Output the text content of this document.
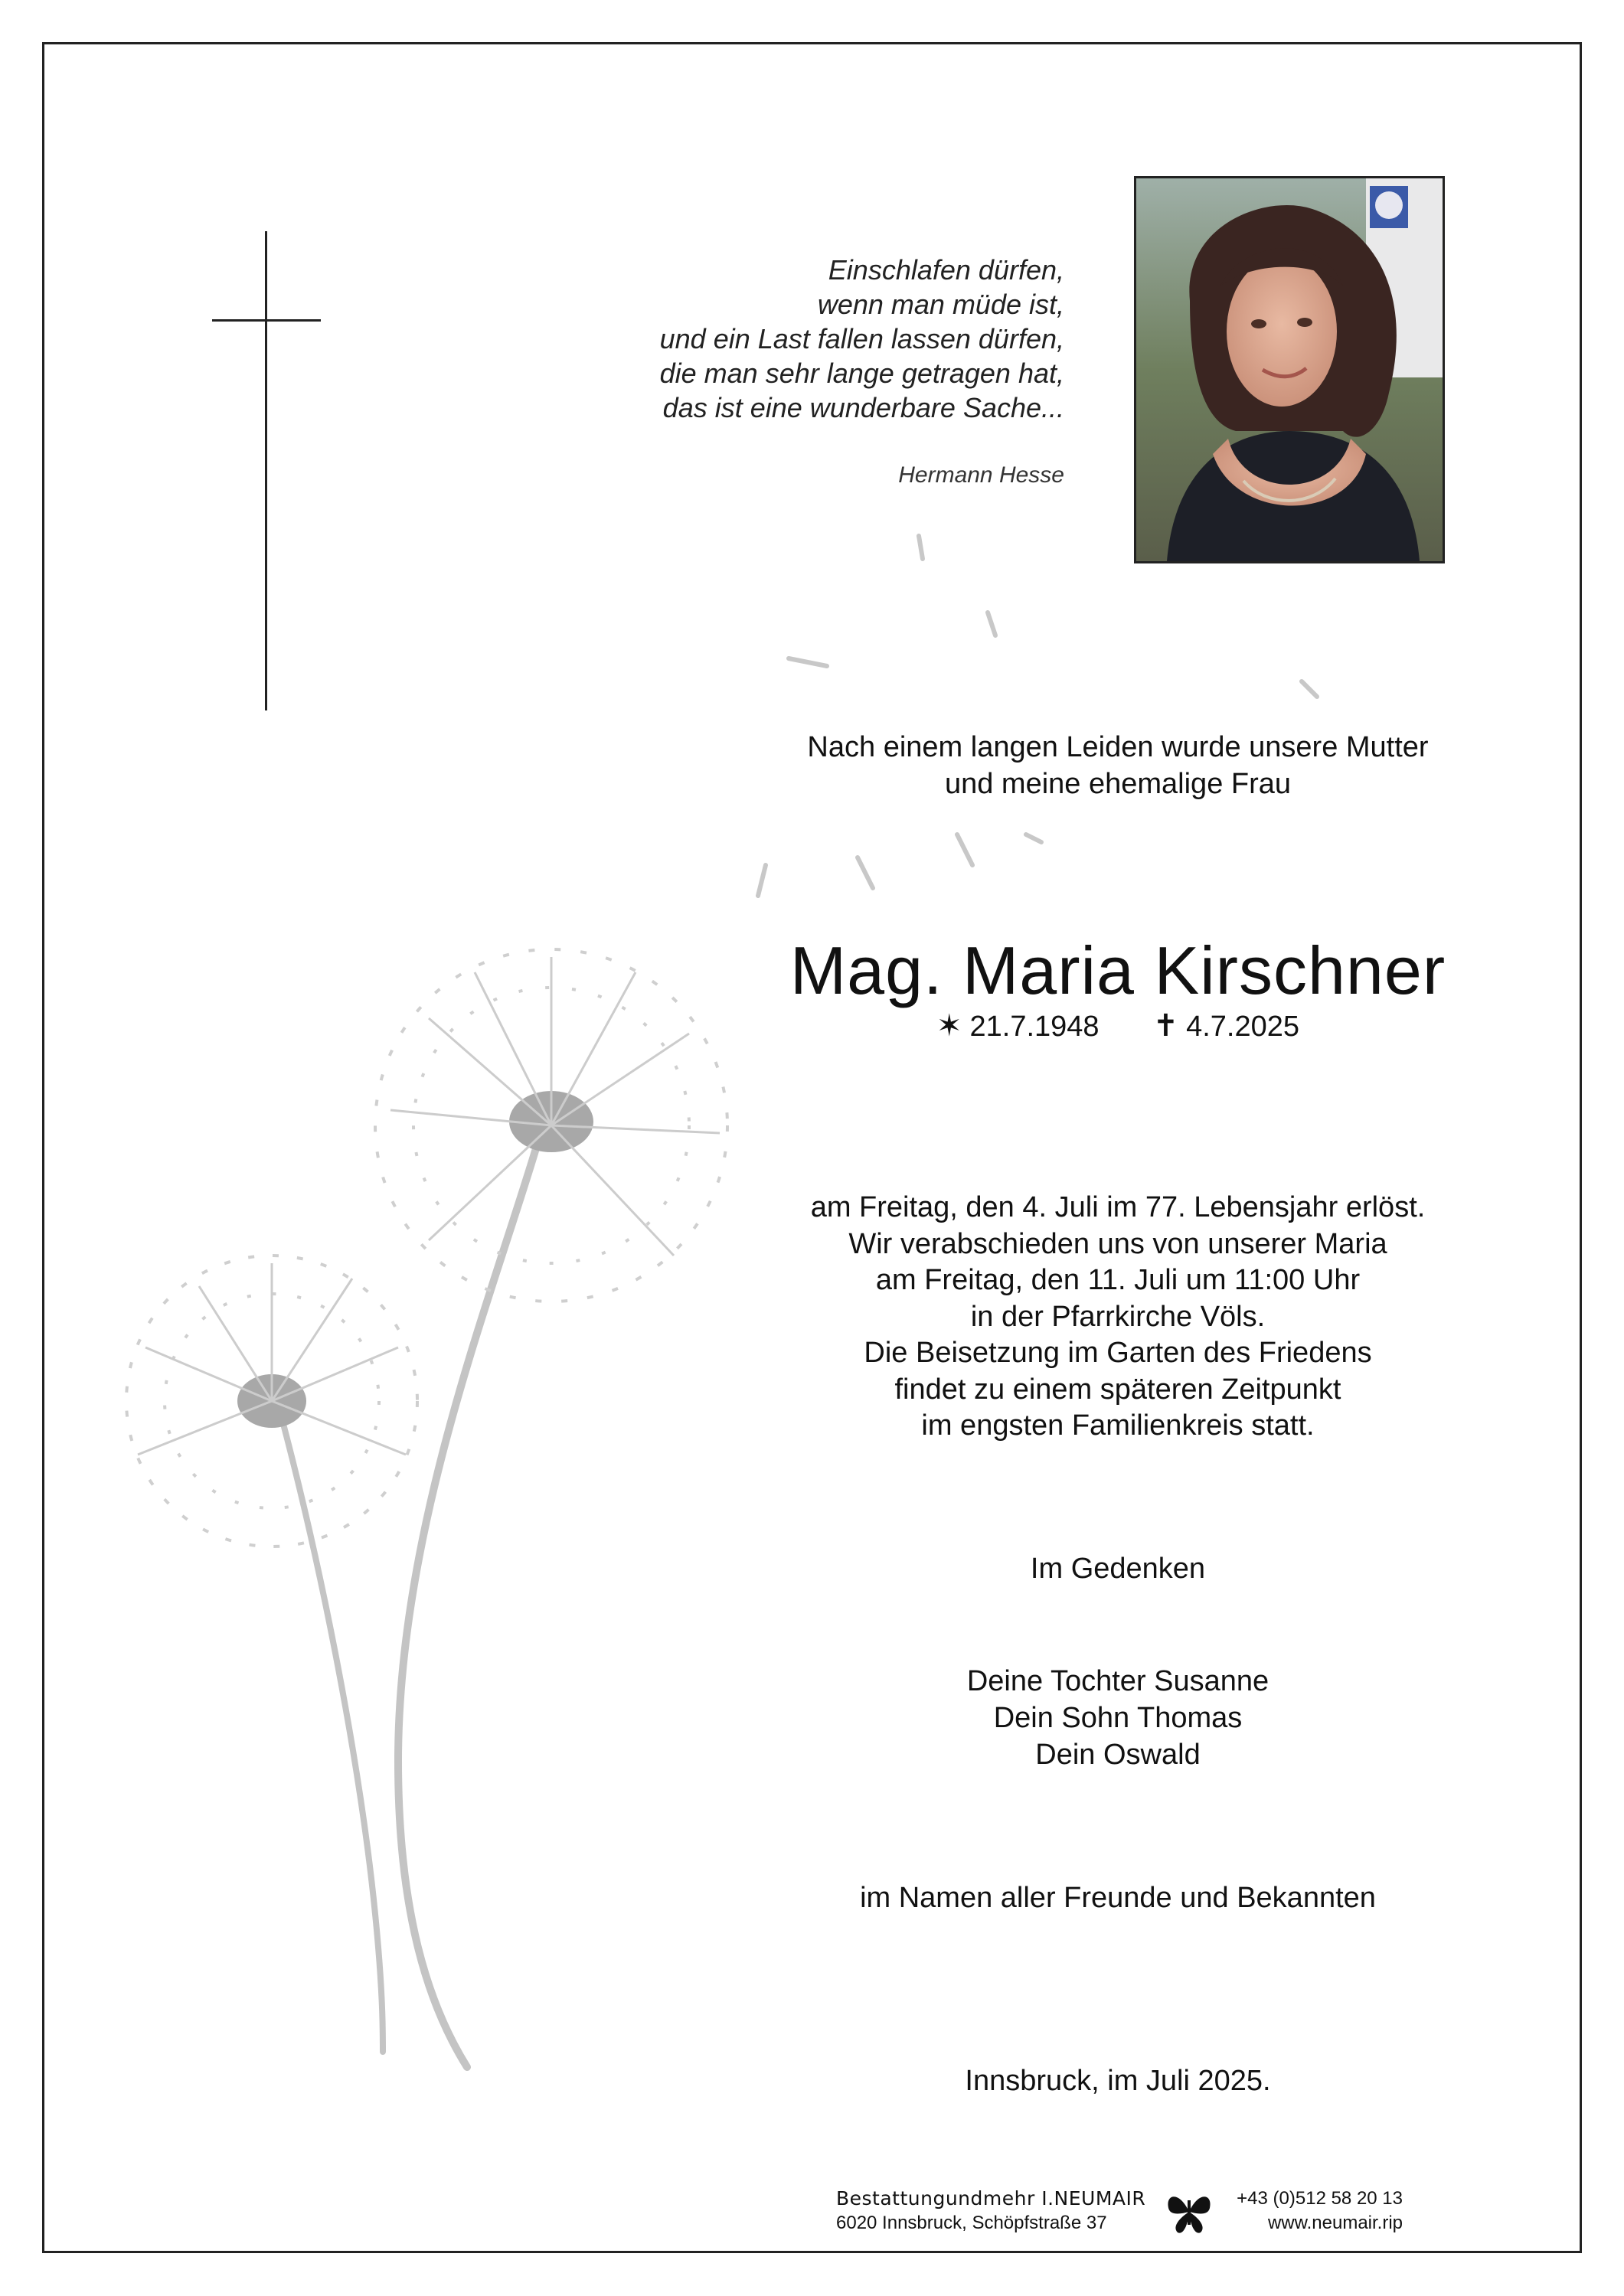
Einschlafen dürfen,
wenn man müde ist,
und ein Last fallen lassen dürfen,
die man sehr lange getragen hat,
das ist eine wunderbare Sache...
Hermann Hesse
Nach einem langen Leiden wurde unsere Mutter
und meine ehemalige Frau
Mag. Maria Kirschner
✶ 21.7.1948 ✝ 4.7.2025
am Freitag, den 4. Juli im 77. Lebensjahr erlöst.
Wir verabschieden uns von unserer Maria
am Freitag, den 11. Juli um 11:00 Uhr
in der Pfarrkirche Völs.
Die Beisetzung im Garten des Friedens
findet zu einem späteren Zeitpunkt
im engsten Familienkreis statt.
Im Gedenken
Deine Tochter Susanne
Dein Sohn Thomas
Dein Oswald
im Namen aller Freunde und Bekannten
Innsbruck, im Juli 2025.
Bestattungundmehr I.NEUMAIR
6020 Innsbruck, Schöpfstraße 37
+43 (0)512 58 20 13
www.neumair.rip
